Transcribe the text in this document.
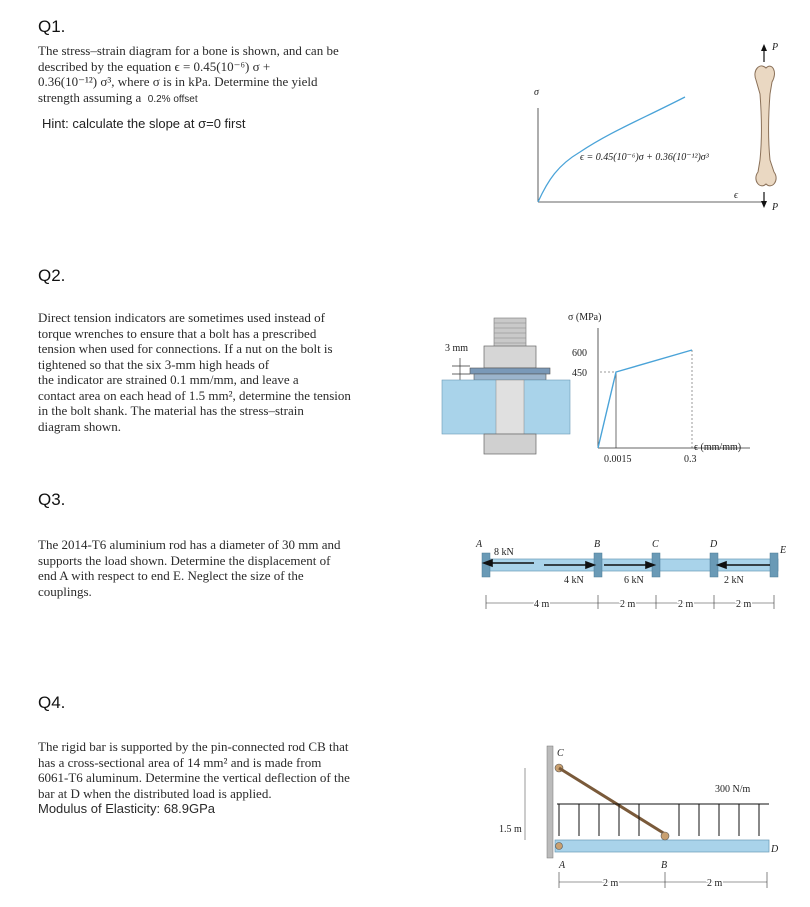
Q1.
The stress–strain diagram for a bone is shown, and can be
described by the equation ϵ = 0.45(10⁻⁶) σ +
0.36(10⁻¹²) σ³, where σ is in kPa. Determine the yield
strength assuming a 0.2% offset
Hint: calculate the slope at σ=0 first
σ
ϵ = 0.45(10⁻⁶)σ + 0.36(10⁻¹²)σ³
ϵ
P
P
Q2.
Direct tension indicators are sometimes used instead of
torque wrenches to ensure that a bolt has a prescribed
tension when used for connections. If a nut on the bolt is
tightened so that the six 3-mm high heads of
the indicator are strained 0.1 mm/mm, and leave a
contact area on each head of 1.5 mm², determine the tension
in the bolt shank. The material has the stress–strain
diagram shown.
3 mm
σ (MPa)
600
450
0.0015	0.3
ϵ (mm/mm)
Q3.
The 2014-T6 aluminium rod has a diameter of 30 mm and
supports the load shown. Determine the displacement of
end A with respect to end E. Neglect the size of the
couplings.
A	B	C	D
E
8 kN
4 kN	6 kN	2 kN
4 m	2 m	2 m	2 m
Q4.
The rigid bar is supported by the pin-connected rod CB that
has a cross-sectional area of 14 mm² and is made from
6061-T6 aluminum. Determine the vertical deflection of the
bar at D when the distributed load is applied.
Modulus of Elasticity: 68.9GPa
C
1.5 m
300 N/m
A	B
D
2 m	2 m
